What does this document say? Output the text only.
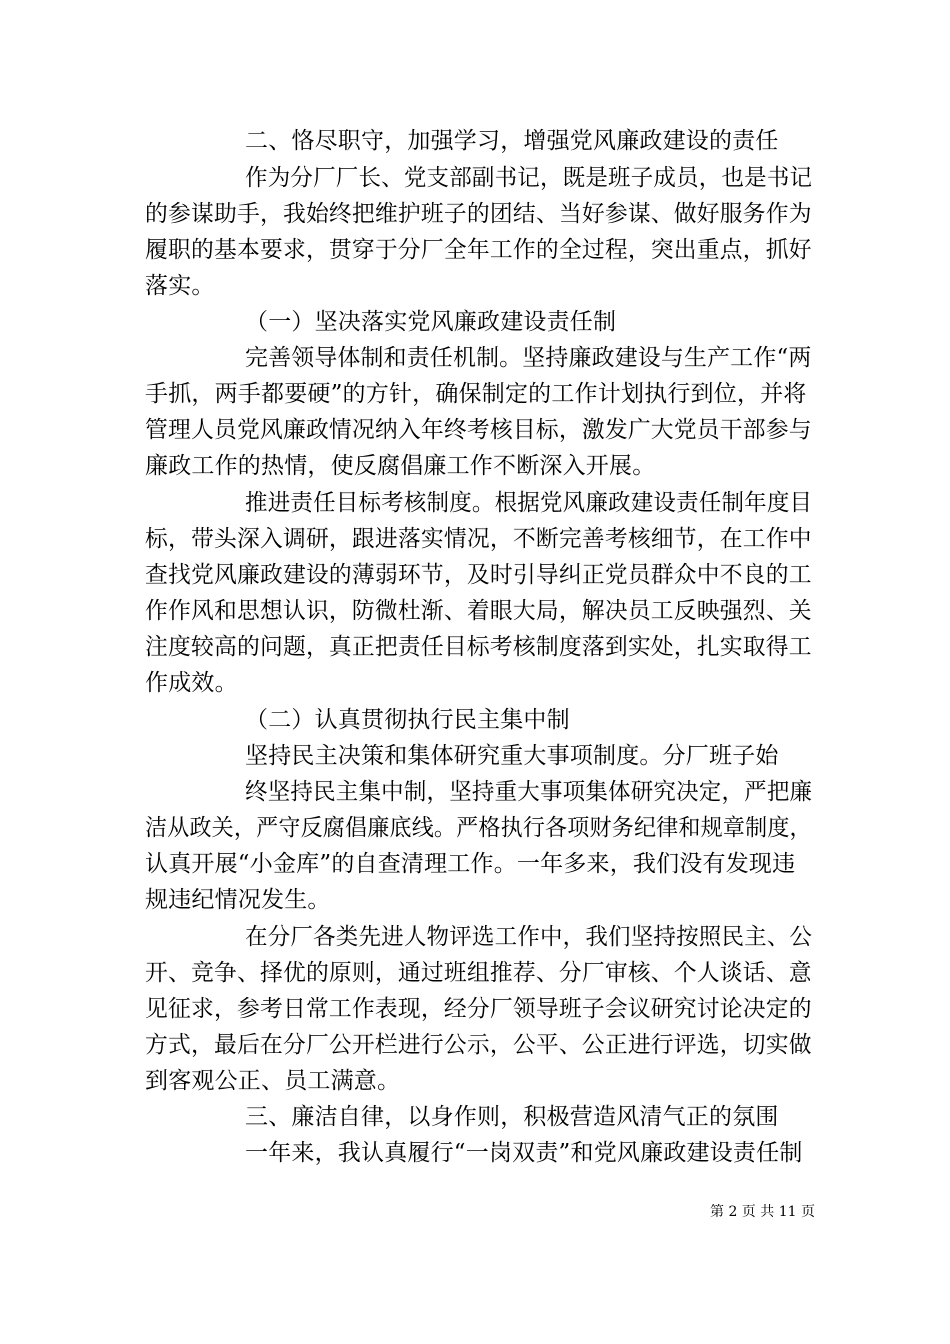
二、恪尽职守，加强学习，增强党风廉政建设的责任
作为分厂厂长、党支部副书记，既是班子成员，也是书记
的参谋助手，我始终把维护班子的团结、当好参谋、做好服务作为
履职的基本要求，贯穿于分厂全年工作的全过程，突出重点，抓好
落实。
（一）坚决落实党风廉政建设责任制
完善领导体制和责任机制。坚持廉政建设与生产工作“两
手抓，两手都要硬”的方针，确保制定的工作计划执行到位，并将
管理人员党风廉政情况纳入年终考核目标，激发广大党员干部参与
廉政工作的热情，使反腐倡廉工作不断深入开展。
推进责任目标考核制度。根据党风廉政建设责任制年度目
标，带头深入调研，跟进落实情况，不断完善考核细节，在工作中
查找党风廉政建设的薄弱环节，及时引导纠正党员群众中不良的工
作作风和思想认识，防微杜渐、着眼大局，解决员工反映强烈、关
注度较高的问题，真正把责任目标考核制度落到实处，扎实取得工
作成效。
（二）认真贯彻执行民主集中制
坚持民主决策和集体研究重大事项制度。分厂班子始
终坚持民主集中制，坚持重大事项集体研究决定，严把廉
洁从政关，严守反腐倡廉底线。严格执行各项财务纪律和规章制度，
认真开展“小金库”的自查清理工作。一年多来，我们没有发现违
规违纪情况发生。
在分厂各类先进人物评选工作中，我们坚持按照民主、公
开、竞争、择优的原则，通过班组推荐、分厂审核、个人谈话、意
见征求，参考日常工作表现，经分厂领导班子会议研究讨论决定的
方式，最后在分厂公开栏进行公示，公平、公正进行评选，切实做
到客观公正、员工满意。
三、廉洁自律，以身作则，积极营造风清气正的氛围
一年来，我认真履行“一岗双责”和党风廉政建设责任制
第 2 页 共 11 页
